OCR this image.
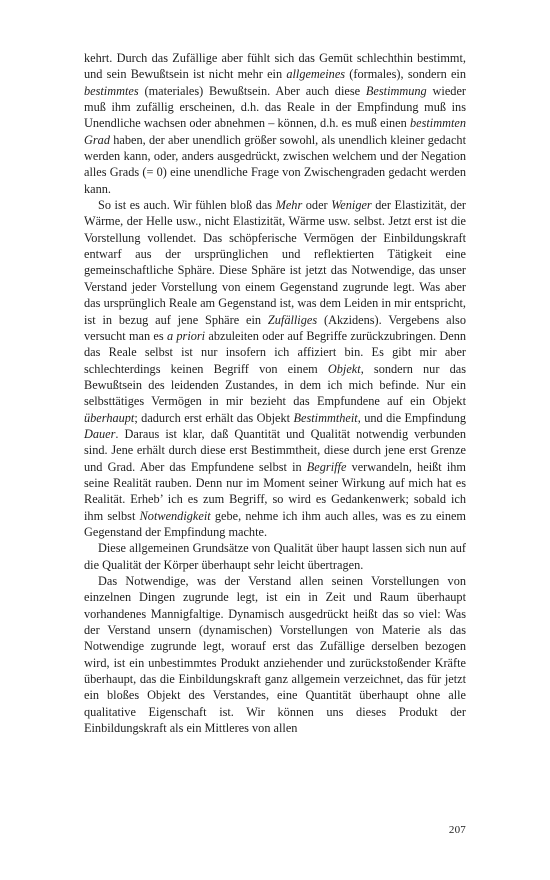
kehrt. Durch das Zufällige aber fühlt sich das Gemüt schlechthin bestimmt, und sein Bewußtsein ist nicht mehr ein allgemeines (formales), sondern ein bestimmtes (materiales) Bewußtsein. Aber auch diese Bestimmung wieder muß ihm zufällig erscheinen, d.h. das Reale in der Empfindung muß ins Unendliche wachsen oder abnehmen – können, d.h. es muß einen bestimmten Grad haben, der aber unendlich größer sowohl, als unendlich kleiner gedacht werden kann, oder, anders ausgedrückt, zwischen welchem und der Negation alles Grads (= 0) eine unendliche Frage von Zwischengraden gedacht werden kann.

So ist es auch. Wir fühlen bloß das Mehr oder Weniger der Elastizität, der Wärme, der Helle usw., nicht Elastizität, Wärme usw. selbst. Jetzt erst ist die Vorstellung vollendet. Das schöpferische Vermögen der Einbildungskraft entwarf aus der ursprünglichen und reflektierten Tätigkeit eine gemeinschaftliche Sphäre. Diese Sphäre ist jetzt das Notwendige, das unser Verstand jeder Vorstellung von einem Gegenstand zugrunde legt. Was aber das ursprünglich Reale am Gegenstand ist, was dem Leiden in mir entspricht, ist in bezug auf jene Sphäre ein Zufälliges (Akzidens). Vergebens also versucht man es a priori abzuleiten oder auf Begriffe zurückzubringen. Denn das Reale selbst ist nur insofern ich affiziert bin. Es gibt mir aber schlechterdings keinen Begriff von einem Objekt, sondern nur das Bewußtsein des leidenden Zustandes, in dem ich mich befinde. Nur ein selbsttätiges Vermögen in mir bezieht das Empfundene auf ein Objekt überhaupt; dadurch erst erhält das Objekt Bestimmtheit, und die Empfindung Dauer. Daraus ist klar, daß Quantität und Qualität notwendig verbunden sind. Jene erhält durch diese erst Bestimmtheit, diese durch jene erst Grenze und Grad. Aber das Empfundene selbst in Begriffe verwandeln, heißt ihm seine Realität rauben. Denn nur im Moment seiner Wirkung auf mich hat es Realität. Erheb’ ich es zum Begriff, so wird es Gedankenwerk; sobald ich ihm selbst Notwendigkeit gebe, nehme ich ihm auch alles, was es zu einem Gegenstand der Empfindung machte.

Diese allgemeinen Grundsätze von Qualität über haupt lassen sich nun auf die Qualität der Körper überhaupt sehr leicht übertragen.

Das Notwendige, was der Verstand allen seinen Vorstellungen von einzelnen Dingen zugrunde legt, ist ein in Zeit und Raum überhaupt vorhandenes Mannigfaltige. Dynamisch ausgedrückt heißt das so viel: Was der Verstand unsern (dynamischen) Vorstellungen von Materie als das Notwendige zugrunde legt, worauf erst das Zufällige derselben bezogen wird, ist ein unbestimmtes Produkt anziehender und zurückstoßender Kräfte überhaupt, das die Einbildungskraft ganz allgemein verzeichnet, das für jetzt ein bloßes Objekt des Verstandes, eine Quantität überhaupt ohne alle qualitative Eigenschaft ist. Wir können uns dieses Produkt der Einbildungskraft als ein Mittleres von allen

207
